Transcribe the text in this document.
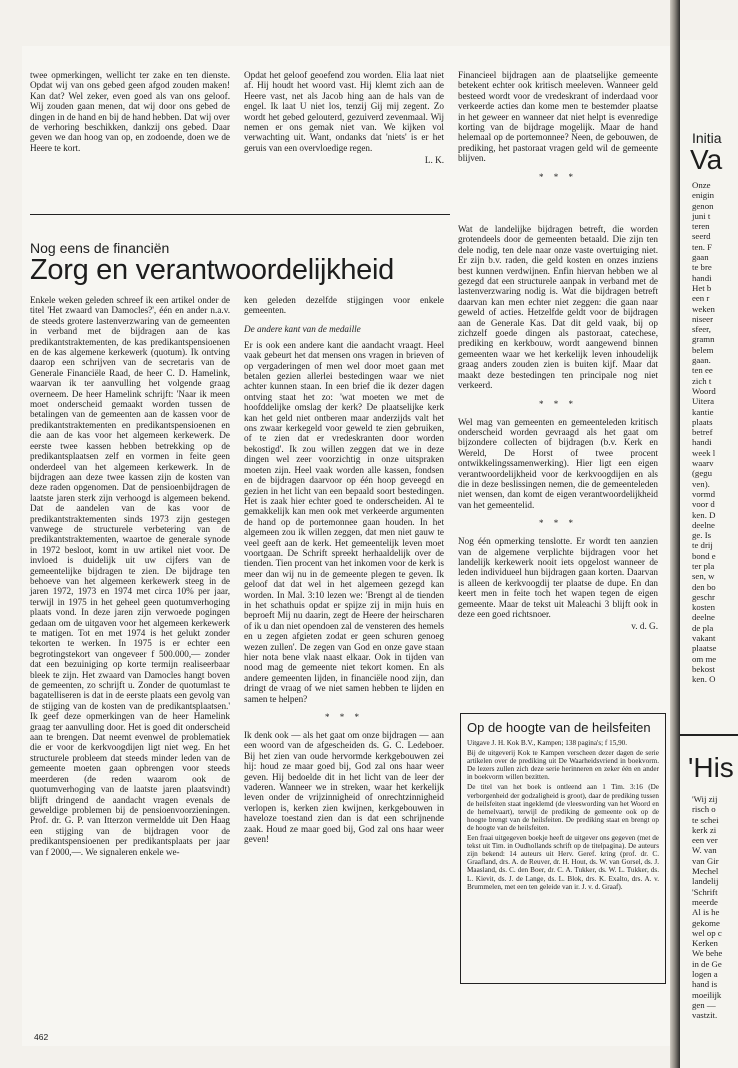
twee opmerkingen, wellicht ter zake en ten dienste. Opdat wij van ons gebed geen afgod zouden maken! Kan dat? Wel zeker, even goed als van ons geloof. Wij zouden gaan menen, dat wij door ons gebed de dingen in de hand en bij de hand hebben. Dat wij over de verhoring beschikken, dankzij ons gebed. Daar geven we dan hoog van op, en zodoende, doen we de Heere te kort.

Opdat het geloof geoefend zou worden. Elia laat niet af. Hij houdt het woord vast. Hij klemt zich aan de Heere vast, net als Jacob hing aan de hals van de engel. Ik laat U niet los, tenzij Gij mij zegent. Zo wordt het gebed gelouterd, gezuiverd zevenmaal. Wij nemen er ons gemak niet van. We kijken vol verwachting uit. Want, ondanks dat 'niets' is er het geruis van een overvloedige regen.

L. K.

Financieel bijdragen aan de plaatselijke gemeente betekent echter ook kritisch meeleven. Wanneer geld besteed wordt voor de vredeskrant of inderdaad voor verkeerde acties dan kome men te bestemder plaatse in het geweer en wanneer dat niet helpt is evenredige korting van de bijdrage mogelijk. Maar de hand helemaal op de portemonnee? Neen, de gebouwen, de prediking, het pastoraat vragen geld wil de gemeente blijven.

* * *

Nog eens de financiën

Zorg en verantwoordelijkheid

Enkele weken geleden schreef ik een artikel onder de titel 'Het zwaard van Damocles?', één en ander n.a.v. de steeds grotere lastenverzwaring van de gemeenten in verband met de bijdragen aan de kas predikantstraktementen, de kas predikantspensioenen en de kas algemene kerkewerk (quotum). Ik ontving daarop een schrijven van de secretaris van de Generale Financiële Raad, de heer C. D. Hamelink, waarvan ik ter aanvulling het volgende graag overneem. De heer Hamelink schrijft: 'Naar ik meen moet onderscheid gemaakt worden tussen de betalingen van de gemeenten aan de kassen voor de predikantstraktementen en predikantspensioenen en die aan de kas voor het algemeen kerkewerk. De eerste twee kassen hebben betrekking op de predikantsplaatsen zelf en vormen in feite geen onderdeel van het algemeen kerkewerk. In de bijdragen aan deze twee kassen zijn de kosten van deze raden opgenomen. Dat de pensioenbijdragen de laatste jaren sterk zijn verhoogd is algemeen bekend. Dat de aandelen van de kas voor de predikantstraktementen sinds 1973 zijn gestegen vanwege de structurele verbetering van de predikantstraktementen, waartoe de generale synode in 1972 besloot, komt in uw artikel niet voor. De invloed is duidelijk uit uw cijfers van de gemeentelijke bijdragen te zien. De bijdrage ten behoeve van het algemeen kerkewerk steeg in de jaren 1972, 1973 en 1974 met circa 10% per jaar, terwijl in 1975 in het geheel geen quotumverhoging plaats vond. In deze jaren zijn verwoede pogingen gedaan om de uitgaven voor het algemeen kerkewerk te matigen. Tot en met 1974 is het gelukt zonder tekorten te werken. In 1975 is er echter een begrotingstekort van ongeveer f 500.000,— zonder dat een bezuiniging op korte termijn realiseerbaar bleek te zijn. Het zwaard van Damocles hangt boven de gemeenten, zo schrijft u. Zonder de quotumlast te bagatelliseren is dat in de eerste plaats een gevolg van de stijging van de kosten van de predikantsplaatsen.' Ik geef deze opmerkingen van de heer Hamelink graag ter aanvulling door. Het is goed dit onderscheid aan te brengen. Dat neemt evenwel de problematiek die er voor de kerkvoogdijen ligt niet weg. En het structurele probleem dat steeds minder leden van de gemeente moeten gaan opbrengen voor steeds meerderen (de reden waarom ook de quotumverhoging van de laatste jaren plaatsvindt) blijft dringend de aandacht vragen evenals de geweldige problemen bij de pensioenvoorzieningen. Prof. dr. G. P. van Itterzon vermeldde uit Den Haag een stijging van de bijdragen voor de predikantspensioenen per predikantsplaats per jaar van f 2000,—. We signaleren enkele we-

ken geleden dezelfde stijgingen voor enkele gemeenten.

De andere kant van de medaille

Er is ook een andere kant die aandacht vraagt. Heel vaak gebeurt het dat mensen ons vragen in brieven of op vergaderingen of men wel door moet gaan met betalen gezien allerlei bestedingen waar we niet achter kunnen staan. In een brief die ik dezer dagen ontving staat het zo: 'wat moeten we met de hoofddelijke omslag der kerk? De plaatselijke kerk kan het geld niet ontberen maar anderzijds valt het ons zwaar kerkegeld voor geweld te zien gebruiken, of te zien dat er vredeskranten door worden bekostigd'. Ik zou willen zeggen dat we in deze dingen wel zeer voorzichtig in onze uitspraken moeten zijn. Heel vaak worden alle kassen, fondsen en de bijdragen daarvoor op één hoop geveegd en gezien in het licht van een bepaald soort bestedingen. Het is zaak hier echter goed te onderscheiden. Al te gemakkelijk kan men ook met verkeerde argumenten de hand op de portemonnee gaan houden. In het algemeen zou ik willen zeggen, dat men niet gauw te veel geeft aan de kerk. Het gemeentelijk leven moet voortgaan. De Schrift spreekt herhaaldelijk over de tienden. Tien procent van het inkomen voor de kerk is meer dan wij nu in de gemeente plegen te geven. Ik geloof dat dat wel in het algemeen gezegd kan worden. In Mal. 3:10 lezen we: 'Brengt al de tienden in het schathuis opdat er spijze zij in mijn huis en beproeft Mij nu daarin, zegt de Heere der heirscharen of ik u dan niet opendoen zal de vensteren des hemels en u zegen afgieten zodat er geen schuren genoeg wezen zullen'. De zegen van God en onze gave staan hier nota bene vlak naast elkaar. Ook in tijden van nood mag de gemeente niet tekort komen. En als andere gemeenten lijden, in financiële nood zijn, dan dringt de vraag of we niet samen hebben te lijden en samen te helpen?

* * *

Ik denk ook — als het gaat om onze bijdragen — aan een woord van de afgescheiden ds. G. C. Ledeboer. Bij het zien van oude hervormde kerkgebouwen zei hij: houd ze maar goed bij, God zal ons haar weer geven. Hij bedoelde dit in het licht van de leer der vaderen. Wanneer we in streken, waar het kerkelijk leven onder de vrijzinnigheid of onrechtzinnigheid verlopen is, kerken zien kwijnen, kerkgebouwen in haveloze toestand zien dan is dat een schrijnende zaak. Houd ze maar goed bij, God zal ons haar weer geven!

Wat de landelijke bijdragen betreft, die worden grotendeels door de gemeenten betaald. Die zijn ten dele nodig, ten dele naar onze vaste overtuiging niet. Er zijn b.v. raden, die geld kosten en onzes inziens best kunnen verdwijnen. Enfin hiervan hebben we al gezegd dat een structurele aanpak in verband met de lastenverzwaring nodig is. Wat die bijdragen betreft daarvan kan men echter niet zeggen: die gaan naar geweld of acties. Hetzelfde geldt voor de bijdragen aan de Generale Kas. Dat dit geld vaak, bij op zichzelf goede dingen als pastoraat, catechese, prediking en kerkbouw, wordt aangewend binnen gemeenten waar we het kerkelijk leven inhoudelijk graag anders zouden zien is buiten kijf. Maar dat maakt deze bestedingen ten principale nog niet verkeerd.

* * *

Wel mag van gemeenten en gemeenteleden kritisch onderscheid worden gevraagd als het gaat om bijzondere collecten of bijdragen (b.v. Kerk en Wereld, De Horst of twee procent ontwikkelingssamenwerking). Hier ligt een eigen verantwoordelijkheid voor de kerkvoogdijen en als die in deze beslissingen nemen, die de gemeenteleden niet wensen, dan komt de eigen verantwoordelijkheid van het gemeentelid.

* * *

Nog één opmerking tenslotte. Er wordt ten aanzien van de algemene verplichte bijdragen voor het landelijk kerkewerk nooit iets opgelost wanneer de leden individueel hun bijdragen gaan korten. Daarvan is alleen de kerkvoogdij ter plaatse de dupe. En dan keert men in feite toch het wapen tegen de eigen gemeente. Maar de tekst uit Maleachi 3 blijft ook in deze een goed richtsnoer.

v. d. G.

Op de hoogte van de heilsfeiten

Uitgave J. H. Kok B.V., Kampen; 138 pagina's; f 15,90.

Bij de uitgeverij Kok te Kampen verscheen dezer dagen de serie artikelen over de prediking uit De Waarheidsvriend in boekvorm. De lezers zullen zich deze serie herinneren en zeker één en ander in boekvorm willen bezitten.

De titel van het boek is ontleend aan 1 Tim. 3:16 (De verborgenheid der godzaligheid is groot), daar de prediking tussen de heilsfeiten staat ingeklemd (de vleeswording van het Woord en de hemelvaart), terwijl de prediking de gemeente ook op de hoogte brengt van de heilsfeiten. De prediking staat en brengt op de hoogte van de heilsfeiten.

Een fraai uitgegeven boekje heeft de uitgever ons gegeven (met de tekst uit Tim. in Oudhollands schrift op de titelpagina). De auteurs zijn bekend: 14 auteurs uit Herv. Geref. kring (prof. dr. C. Graafland, drs. A. de Reuver, dr. H. Hout, ds. W. van Gorsel, ds. J. Maasland, ds. C. den Boer, dr. C. A. Tukker, ds. W. L. Tukker, ds. L. Kievit, ds. J. de Lange, ds. L. Blok, drs. K. Exalto, drs. A. v. Brummelen, met een ten geleide van ir. J. v. d. Graaf).

462

Initia

Va

Onze

enigin

genon

juni t

teren

seerd

ten. F

gaan

te bre

handi

Het b

een r

weken

niseer

sfeer,

gramn

belem

gaan.

ten ee

zich t

Woord

Uitera

kantie

plaats

betref

handi

week l

waarv

(gegu

ven).

vormd

voor d

ken. D

deelne

ge. Is

te drij

bond e

ter pla

sen, w

den bo

geschr

kosten

deelne

de pla

vakant

plaatse

om me

bekost

ken. O

'His

'Wij zij

risch o

te schei

kerk zi

een ver

W. van

van Gir

Mechel

landelij

'Schrift

meerde

Al is he

gekome

wel op c

Kerken

We behe

in de Ge

logen a

hand is

moeilijk

gen —

vastzit.
